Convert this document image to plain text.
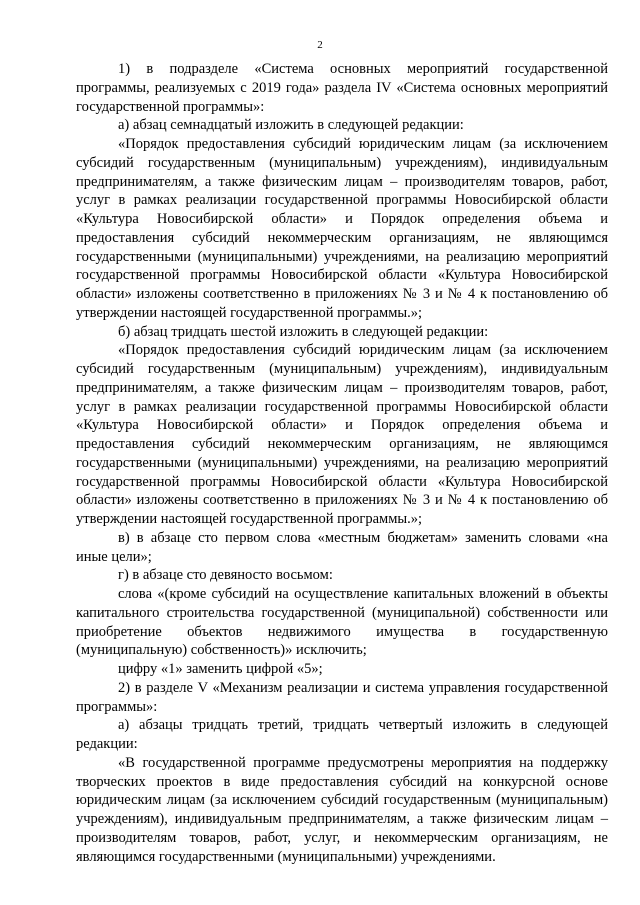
2

1) в подразделе «Система основных мероприятий государственной программы, реализуемых с 2019 года» раздела IV «Система основных мероприятий государственной программы»:

а) абзац семнадцатый изложить в следующей редакции:

«Порядок предоставления субсидий юридическим лицам (за исключением субсидий государственным (муниципальным) учреждениям), индивидуальным предпринимателям, а также физическим лицам – производителям товаров, работ, услуг в рамках реализации государственной программы Новосибирской области «Культура Новосибирской области» и Порядок определения объема и предоставления субсидий некоммерческим организациям, не являющимся государственными (муниципальными) учреждениями, на реализацию мероприятий государственной программы Новосибирской области «Культура Новосибирской области» изложены соответственно в приложениях № 3 и № 4 к постановлению об утверждении настоящей государственной программы.»;

б) абзац тридцать шестой изложить в следующей редакции:

«Порядок предоставления субсидий юридическим лицам (за исключением субсидий государственным (муниципальным) учреждениям), индивидуальным предпринимателям, а также физическим лицам – производителям товаров, работ, услуг в рамках реализации государственной программы Новосибирской области «Культура Новосибирской области» и Порядок определения объема и предоставления субсидий некоммерческим организациям, не являющимся государственными (муниципальными) учреждениями, на реализацию мероприятий государственной программы Новосибирской области «Культура Новосибирской области» изложены соответственно в приложениях № 3 и № 4 к постановлению об утверждении настоящей государственной программы.»;

в) в абзаце сто первом слова «местным бюджетам» заменить словами «на иные цели»;

г) в абзаце сто девяносто восьмом:

слова «(кроме субсидий на осуществление капитальных вложений в объекты капитального строительства государственной (муниципальной) собственности или приобретение объектов недвижимого имущества в государственную (муниципальную) собственность)» исключить;

цифру «1» заменить цифрой «5»;

2) в разделе V «Механизм реализации и система управления государственной программы»:

а) абзацы тридцать третий, тридцать четвертый изложить в следующей редакции:

«В государственной программе предусмотрены мероприятия на поддержку творческих проектов в виде предоставления субсидий на конкурсной основе юридическим лицам (за исключением субсидий государственным (муниципальным) учреждениям), индивидуальным предпринимателям, а также физическим лицам – производителям товаров, работ, услуг, и некоммерческим организациям, не являющимся государственными (муниципальными) учреждениями.
